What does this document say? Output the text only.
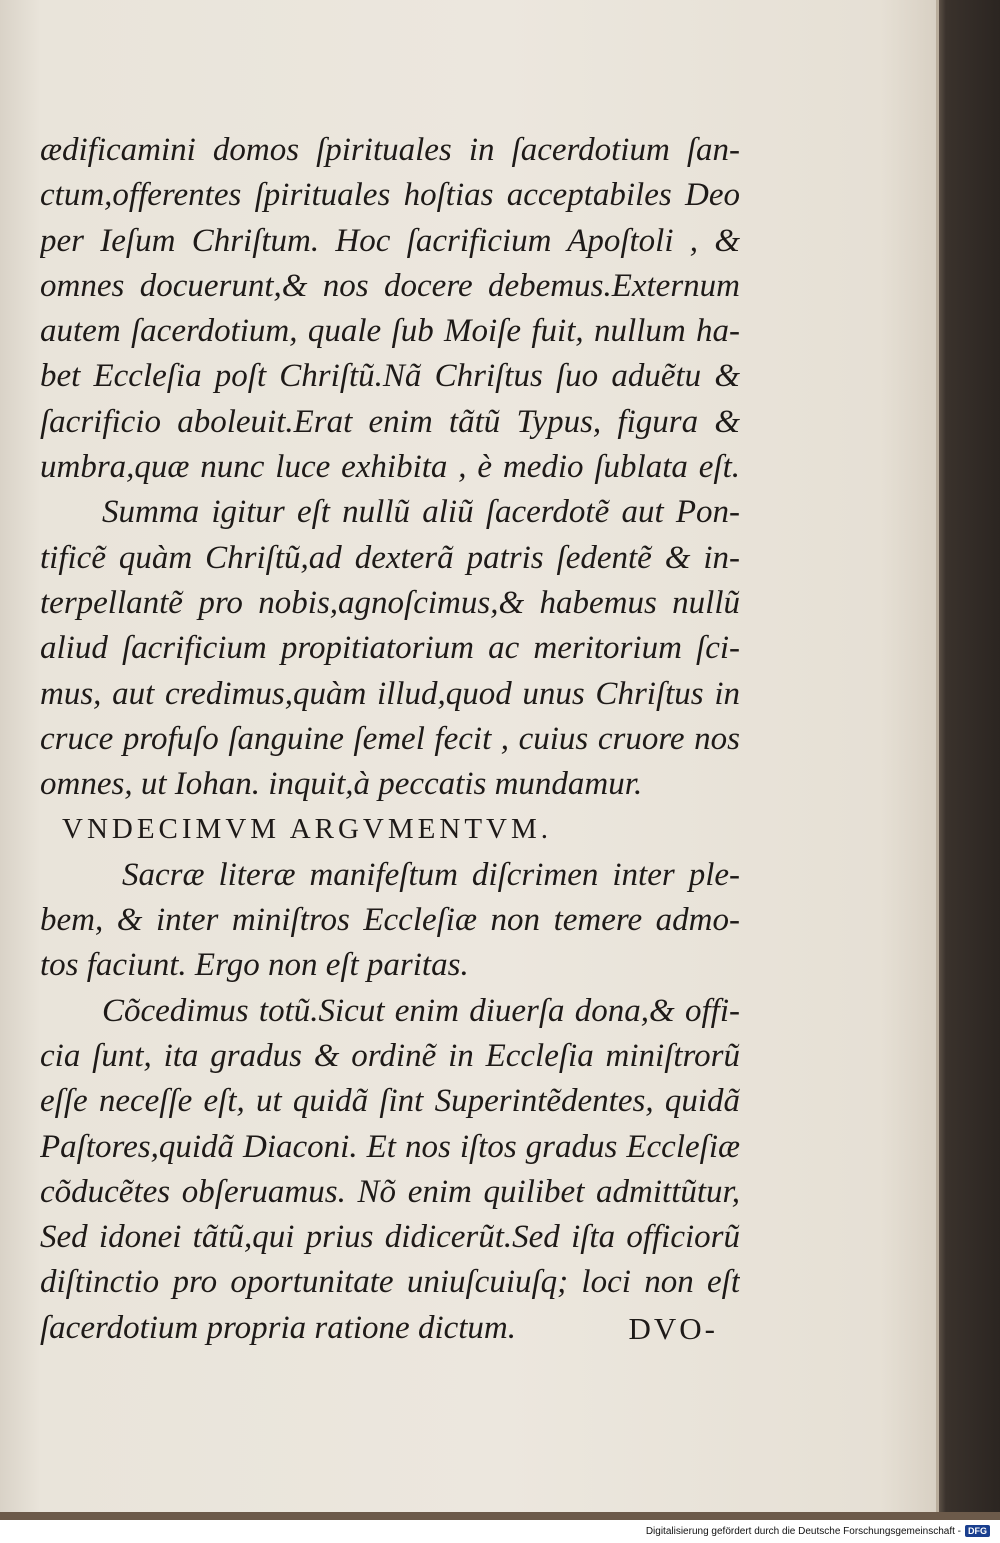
ædificamini domos ſpirituales in ſacerdotium ſan-
ctum,offerentes ſpirituales hoſtias acceptabiles Deo
per Ieſum Chriſtum. Hoc ſacrificium Apoſtoli , &
omnes docuerunt,& nos docere debemus.Externum
autem ſacerdotium, quale ſub Moiſe fuit, nullum ha-
bet Eccleſia poſt Chriſtũ.Nã Chriſtus ſuo aduẽtu &
ſacrificio aboleuit.Erat enim tãtũ Typus, figura &
umbra,quæ nunc luce exhibita , è medio ſublata eſt.
Summa igitur eſt nullũ aliũ ſacerdotẽ aut Pon-
tificẽ quàm Chriſtũ,ad dexterã patris ſedentẽ & in-
terpellantẽ pro nobis,agnoſcimus,& habemus nullũ
aliud ſacrificium propitiatorium ac meritorium ſci-
mus, aut credimus,quàm illud,quod unus Chriſtus in
cruce profuſo ſanguine ſemel fecit , cuius cruore nos
omnes, ut Iohan. inquit,à peccatis mundamur.
VNDECIMVM ARGVMENTVM.
Sacræ literæ manifeſtum diſcrimen inter ple-
bem, & inter miniſtros Eccleſiæ non temere admo-
tos faciunt. Ergo non eſt paritas.
Cõcedimus totũ.Sicut enim diuerſa dona,& offi-
cia ſunt, ita gradus & ordinẽ in Eccleſia miniſtrorũ
eſſe neceſſe eſt, ut quidã ſint Superintẽdentes, quidã
Paſtores,quidã Diaconi. Et nos iſtos gradus Eccleſiæ
cõducẽtes obſeruamus. Nõ enim quilibet admittũtur,
Sed idonei tãtũ,qui prius didicerũt.Sed iſta officiorũ
diſtinctio pro oportunitate uniuſcuiuſq; loci non eſt
ſacerdotium propria ratione dictum.	DVO-
Digitalisierung gefördert durch die Deutsche Forschungsgemeinschaft - DFG
